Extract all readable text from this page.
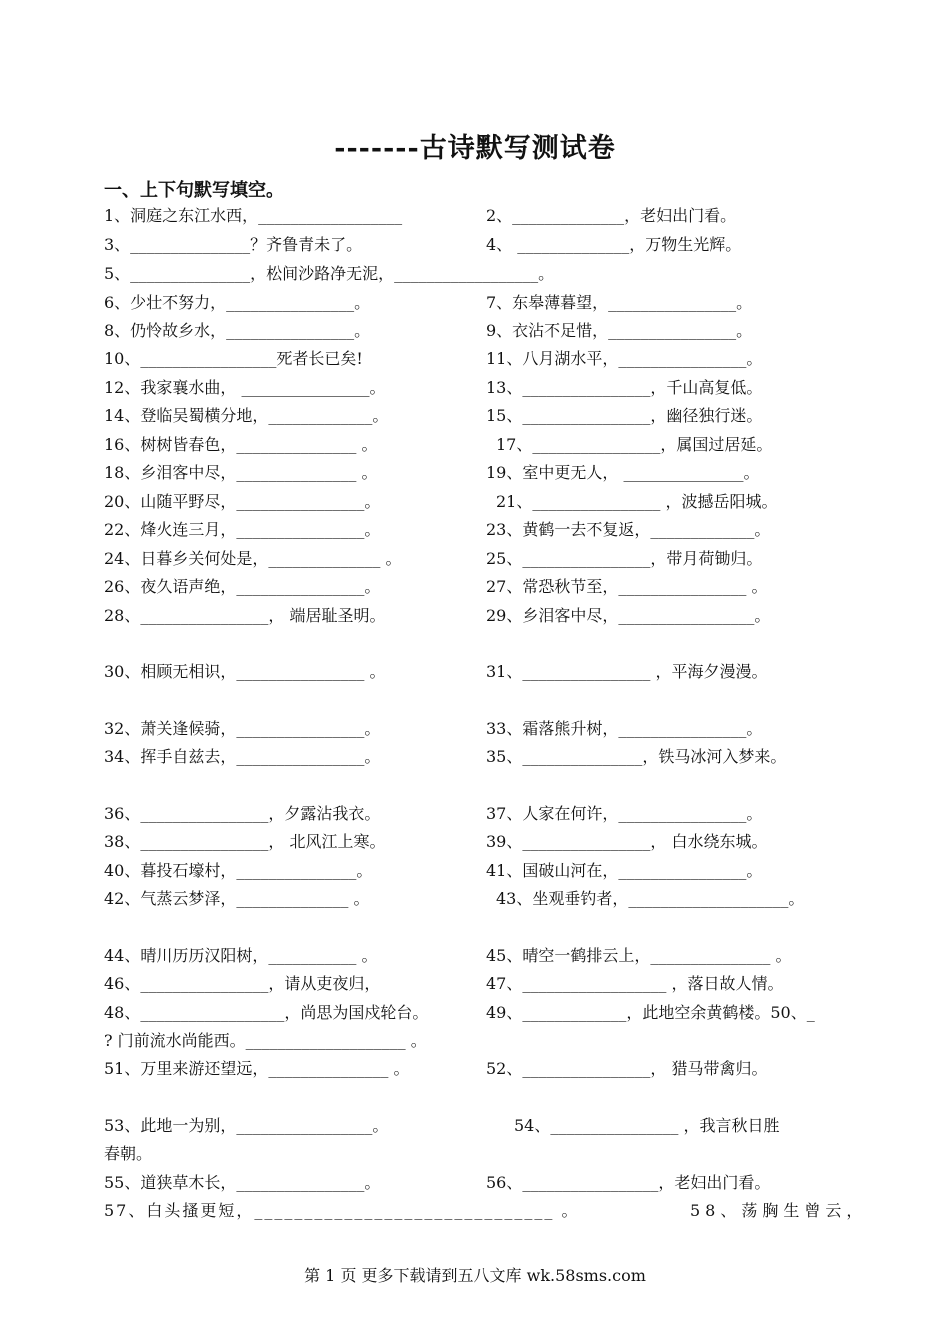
-------古诗默写测试卷
一、上下句默写填空。
1、洞庭之东江水西，__________________	2、______________，老妇出门看。
3、_______________？齐鲁青未了。	4、 ______________，万物生光辉。
5、_______________，松间沙路净无泥，__________________。
6、少壮不努力，________________。	7、东皋薄暮望，________________。
8、仍怜故乡水，________________。	9、衣沾不足惜，________________。
10、_________________死者长已矣!	11、八月湖水平，________________。
12、我家襄水曲， ________________。	13、________________，千山高复低。
14、登临吴蜀横分地，_____________。	15、________________，幽径独行迷。
16、树树皆春色，_______________ 。	17、________________，属国过居延。
18、乡泪客中尽，_______________ 。	19、室中更无人， _______________。
20、山随平野尽，________________。	21、________________ ，波撼岳阳城。
22、烽火连三月，________________。	23、黄鹤一去不复返，_____________。
24、日暮乡关何处是，______________ 。	25、________________，带月荷锄归。
26、夜久语声绝，________________。	27、常恐秋节至，________________ 。
28、________________， 端居耻圣明。	29、乡泪客中尽，_________________。
30、相顾无相识，________________ 。	31、________________ ，平海夕漫漫。
32、萧关逢候骑，________________。	33、霜落熊升树，________________。
34、挥手自兹去，________________。	35、_______________，铁马冰河入梦来。
36、________________，夕露沾我衣。	37、人家在何许，________________。
38、________________， 北风江上寒。	39、________________， 白水绕东城。
40、暮投石壕村，_______________。	41、国破山河在，________________。
42、气蒸云梦泽，______________ 。	43、坐观垂钓者，____________________。
44、晴川历历汉阳树，___________ 。	45、晴空一鹤排云上，_______________ 。
46、________________，请从吏夜归，	47、__________________ ，落日故人情。
48、__________________，尚思为国戍轮台。	49、_____________，此地空余黄鹤楼。50、_
? 门前流水尚能西。____________________ 。
51、万里来游还望远，_______________ 。	52、________________， 猎马带禽归。
53、此地一为别，_________________。	54、________________ ，我言秋日胜
春朝。
55、道狭草木长，________________。	56、_________________，老妇出门看。
57、白头搔更短，______________________________ 。	58、荡胸生曾云，
第 1 页 更多下载请到五八文库 wk.58sms.com
